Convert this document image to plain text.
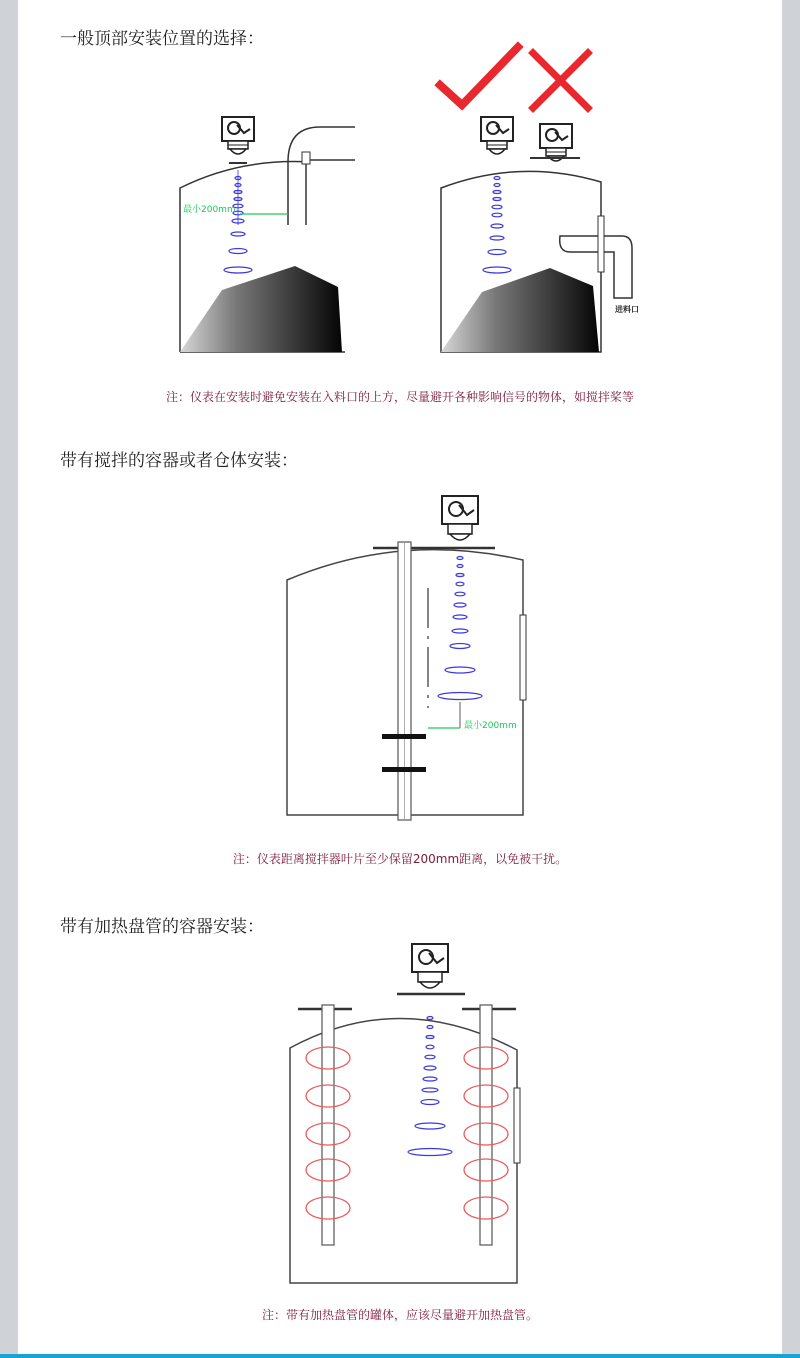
一般顶部安装位置的选择：
最小200mm
进料口
注：仪表在安装时避免安装在入料口的上方，尽量避开各种影响信号的物体，如搅拌桨等
带有搅拌的容器或者仓体安装：
最小200mm
注：仪表距离搅拌器叶片至少保留200mm距离，以免被干扰。
带有加热盘管的容器安装：
注：带有加热盘管的罐体，应该尽量避开加热盘管。
